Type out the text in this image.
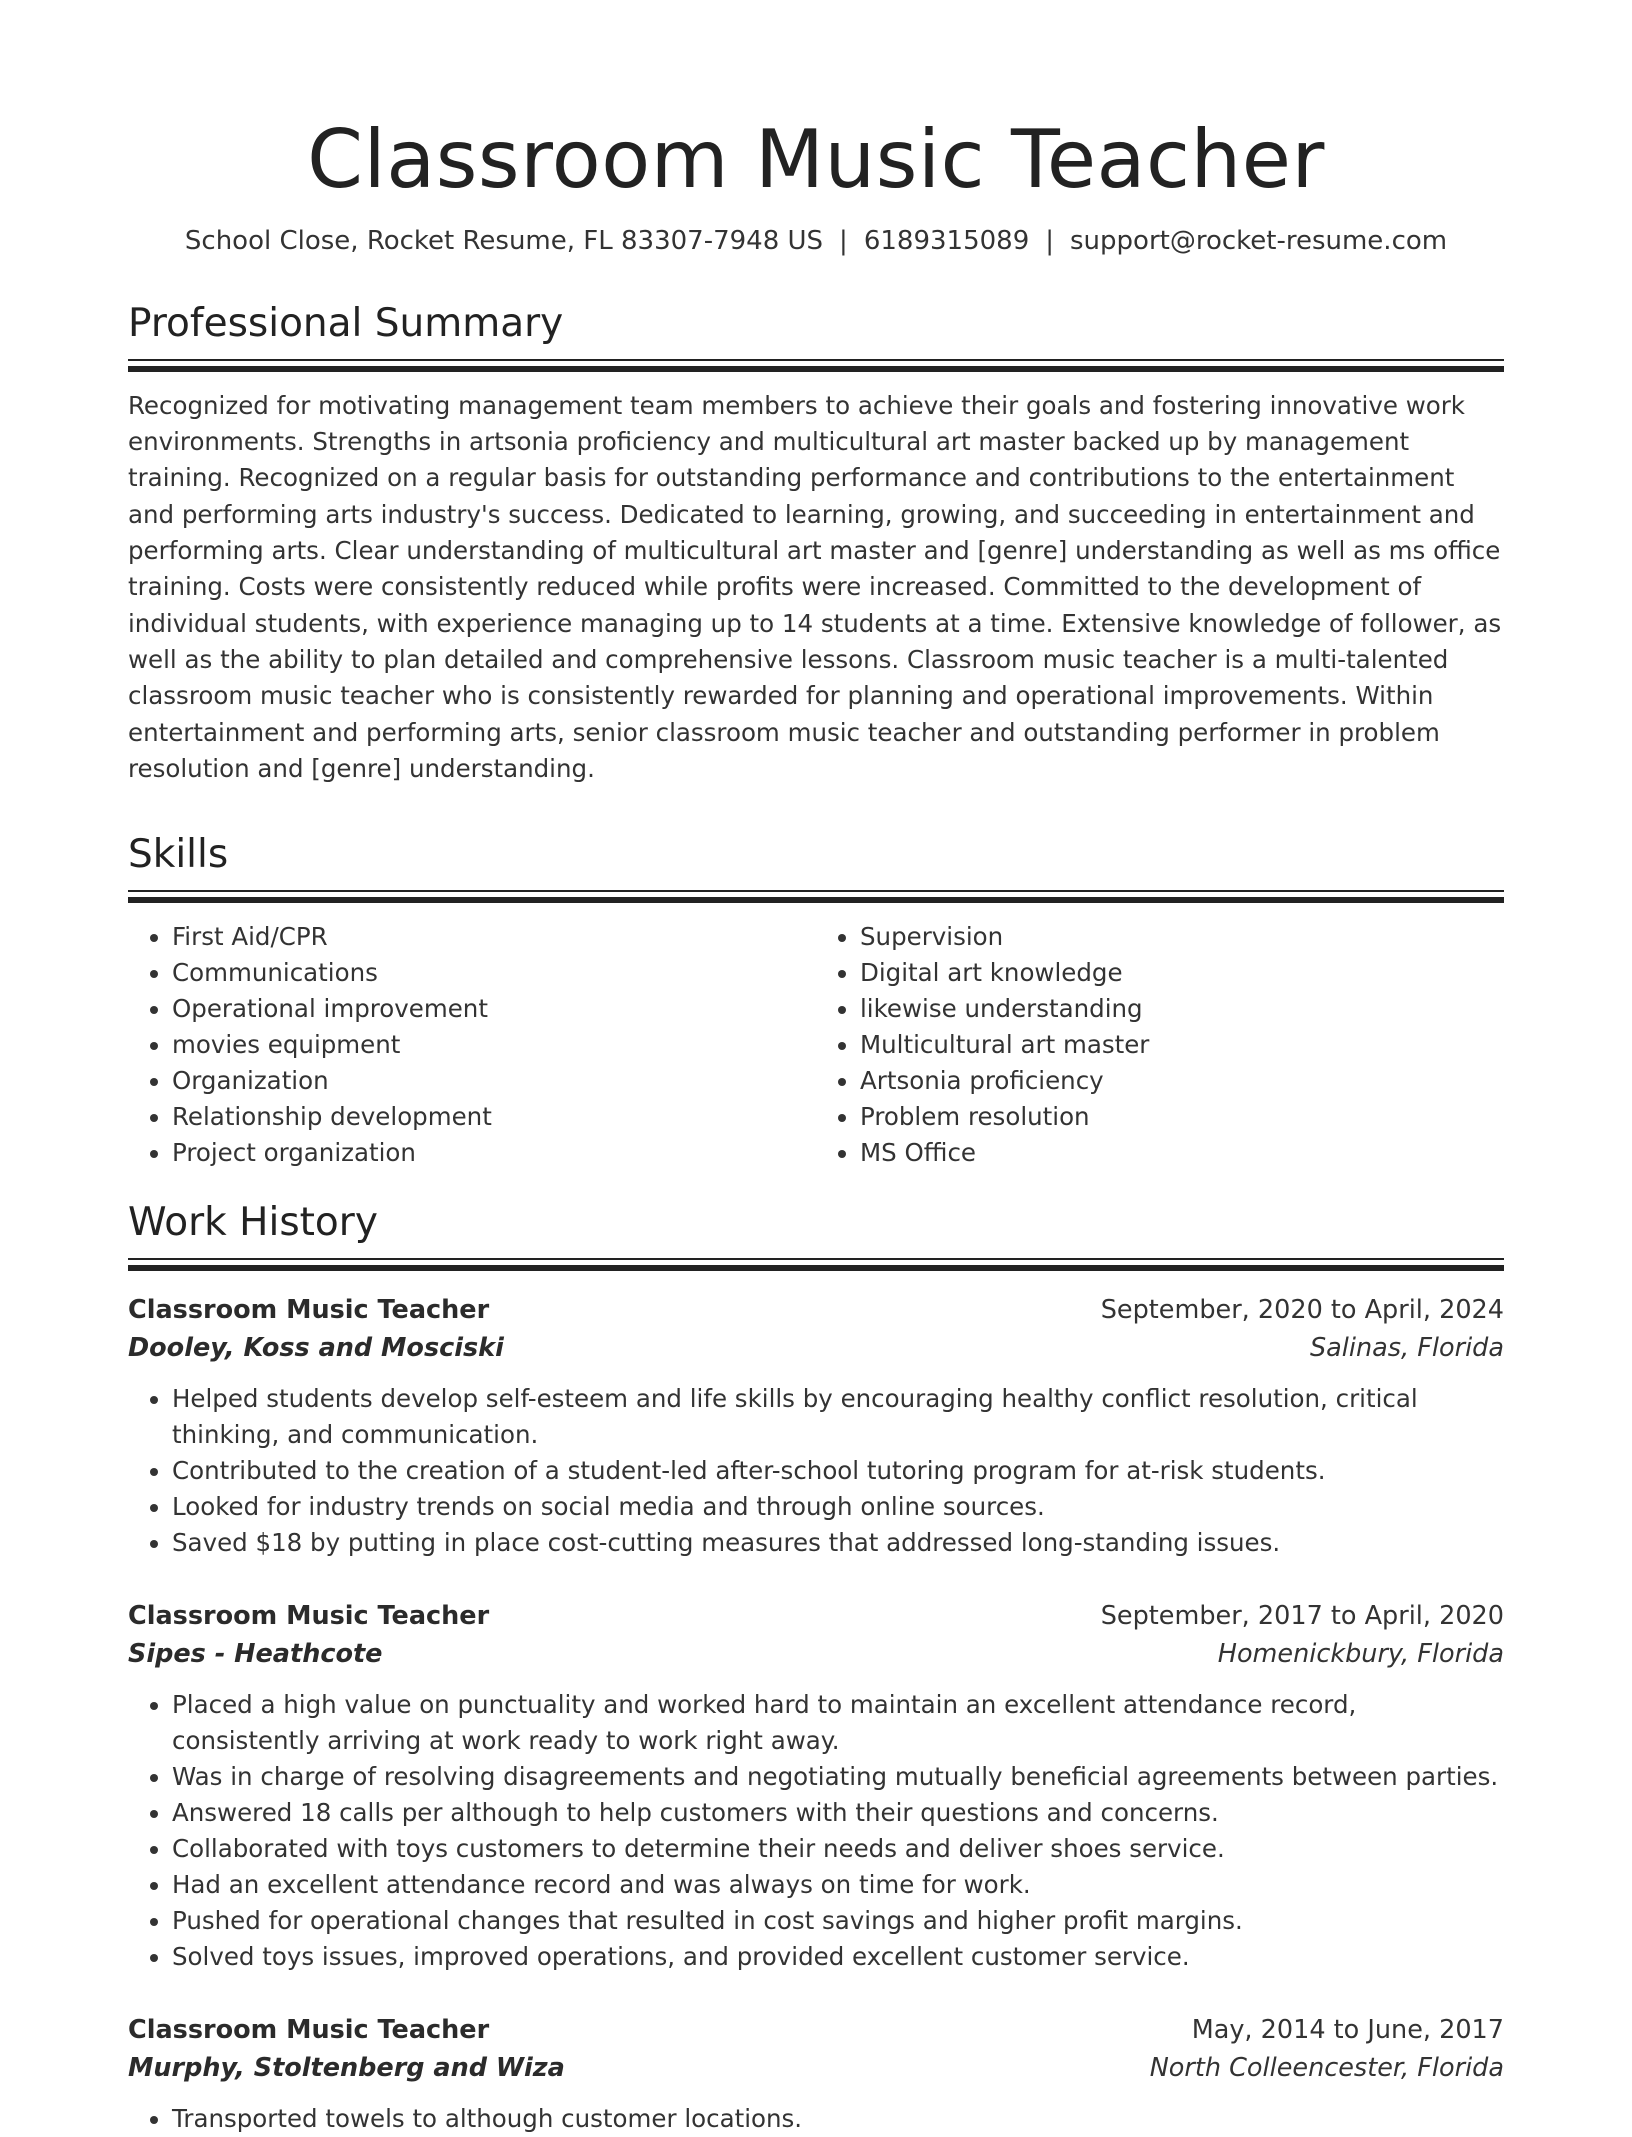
Classroom Music Teacher
School Close, Rocket Resume, FL 83307-7948 US | 6189315089 | support@rocket-resume.com
Professional Summary

Recognized for motivating management team members to achieve their goals and fostering innovative work environments. Strengths in artsonia proficiency and multicultural art master backed up by management training. Recognized on a regular basis for outstanding performance and contributions to the entertainment and performing arts industry's success. Dedicated to learning, growing, and succeeding in entertainment and performing arts. Clear understanding of multicultural art master and [genre] understanding as well as ms office training. Costs were consistently reduced while profits were increased. Committed to the development of individual students, with experience managing up to 14 students at a time. Extensive knowledge of follower, as well as the ability to plan detailed and comprehensive lessons. Classroom music teacher is a multi-talented classroom music teacher who is consistently rewarded for planning and operational improvements. Within entertainment and performing arts, senior classroom music teacher and outstanding performer in problem resolution and [genre] understanding.

Skills
• First Aid/CPR
• Communications
• Operational improvement
• movies equipment
• Organization
• Relationship development
• Project organization
• Supervision
• Digital art knowledge
• likewise understanding
• Multicultural art master
• Artsonia proficiency
• Problem resolution
• MS Office
Work History
Classroom Music Teacher	September, 2020 to April, 2024
Dooley, Koss and Mosciski	Salinas, Florida
• Helped students develop self-esteem and life skills by encouraging healthy conflict resolution, critical thinking, and communication.
• Contributed to the creation of a student-led after-school tutoring program for at-risk students.
• Looked for industry trends on social media and through online sources.
• Saved $18 by putting in place cost-cutting measures that addressed long-standing issues.
Classroom Music Teacher	September, 2017 to April, 2020
Sipes - Heathcote	Homenickbury, Florida
• Placed a high value on punctuality and worked hard to maintain an excellent attendance record, consistently arriving at work ready to work right away.
• Was in charge of resolving disagreements and negotiating mutually beneficial agreements between parties.
• Answered 18 calls per although to help customers with their questions and concerns.
• Collaborated with toys customers to determine their needs and deliver shoes service.
• Had an excellent attendance record and was always on time for work.
• Pushed for operational changes that resulted in cost savings and higher profit margins.
• Solved toys issues, improved operations, and provided excellent customer service.
Classroom Music Teacher	May, 2014 to June, 2017
Murphy, Stoltenberg and Wiza	North Colleencester, Florida
• Transported towels to although customer locations.
